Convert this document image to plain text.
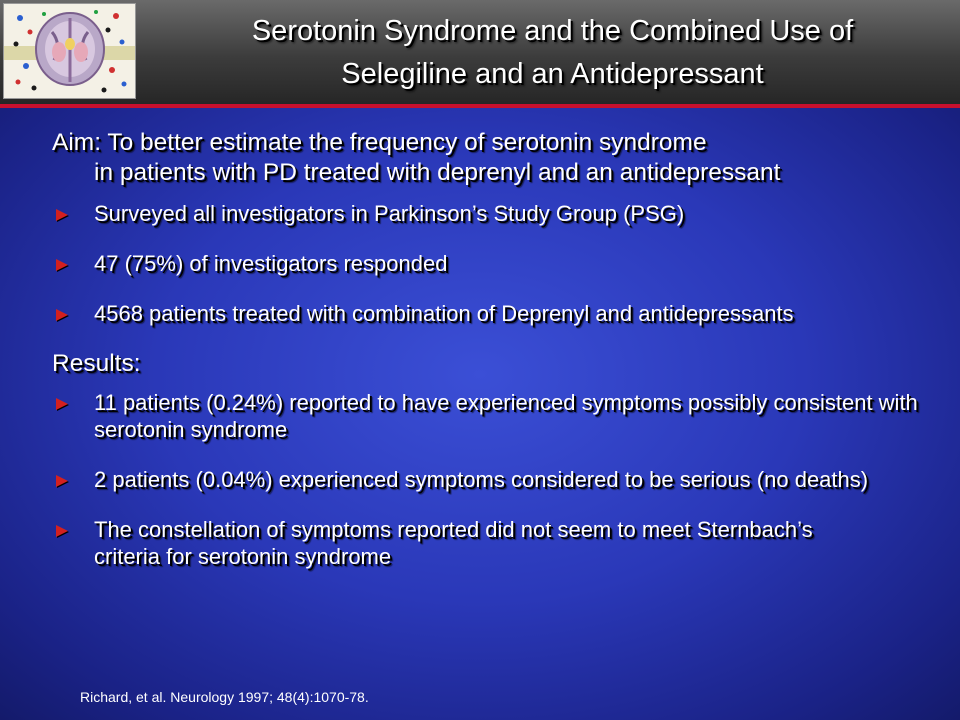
Serotonin Syndrome and the Combined Use of
Selegiline and an Antidepressant

Aim: To better estimate the frequency of serotonin syndrome
in patients with PD treated with deprenyl and an antidepressant

Surveyed all investigators in Parkinson’s Study Group (PSG)
47 (75%) of investigators responded
4568 patients treated with combination of Deprenyl and antidepressants

Results:

11 patients (0.24%) reported to have experienced symptoms possibly consistent with serotonin syndrome
2 patients (0.04%) experienced symptoms considered to be serious (no deaths)
The constellation of symptoms reported did not seem to meet Sternbach’s criteria for serotonin syndrome
Richard, et al. Neurology 1997; 48(4):1070-78.
